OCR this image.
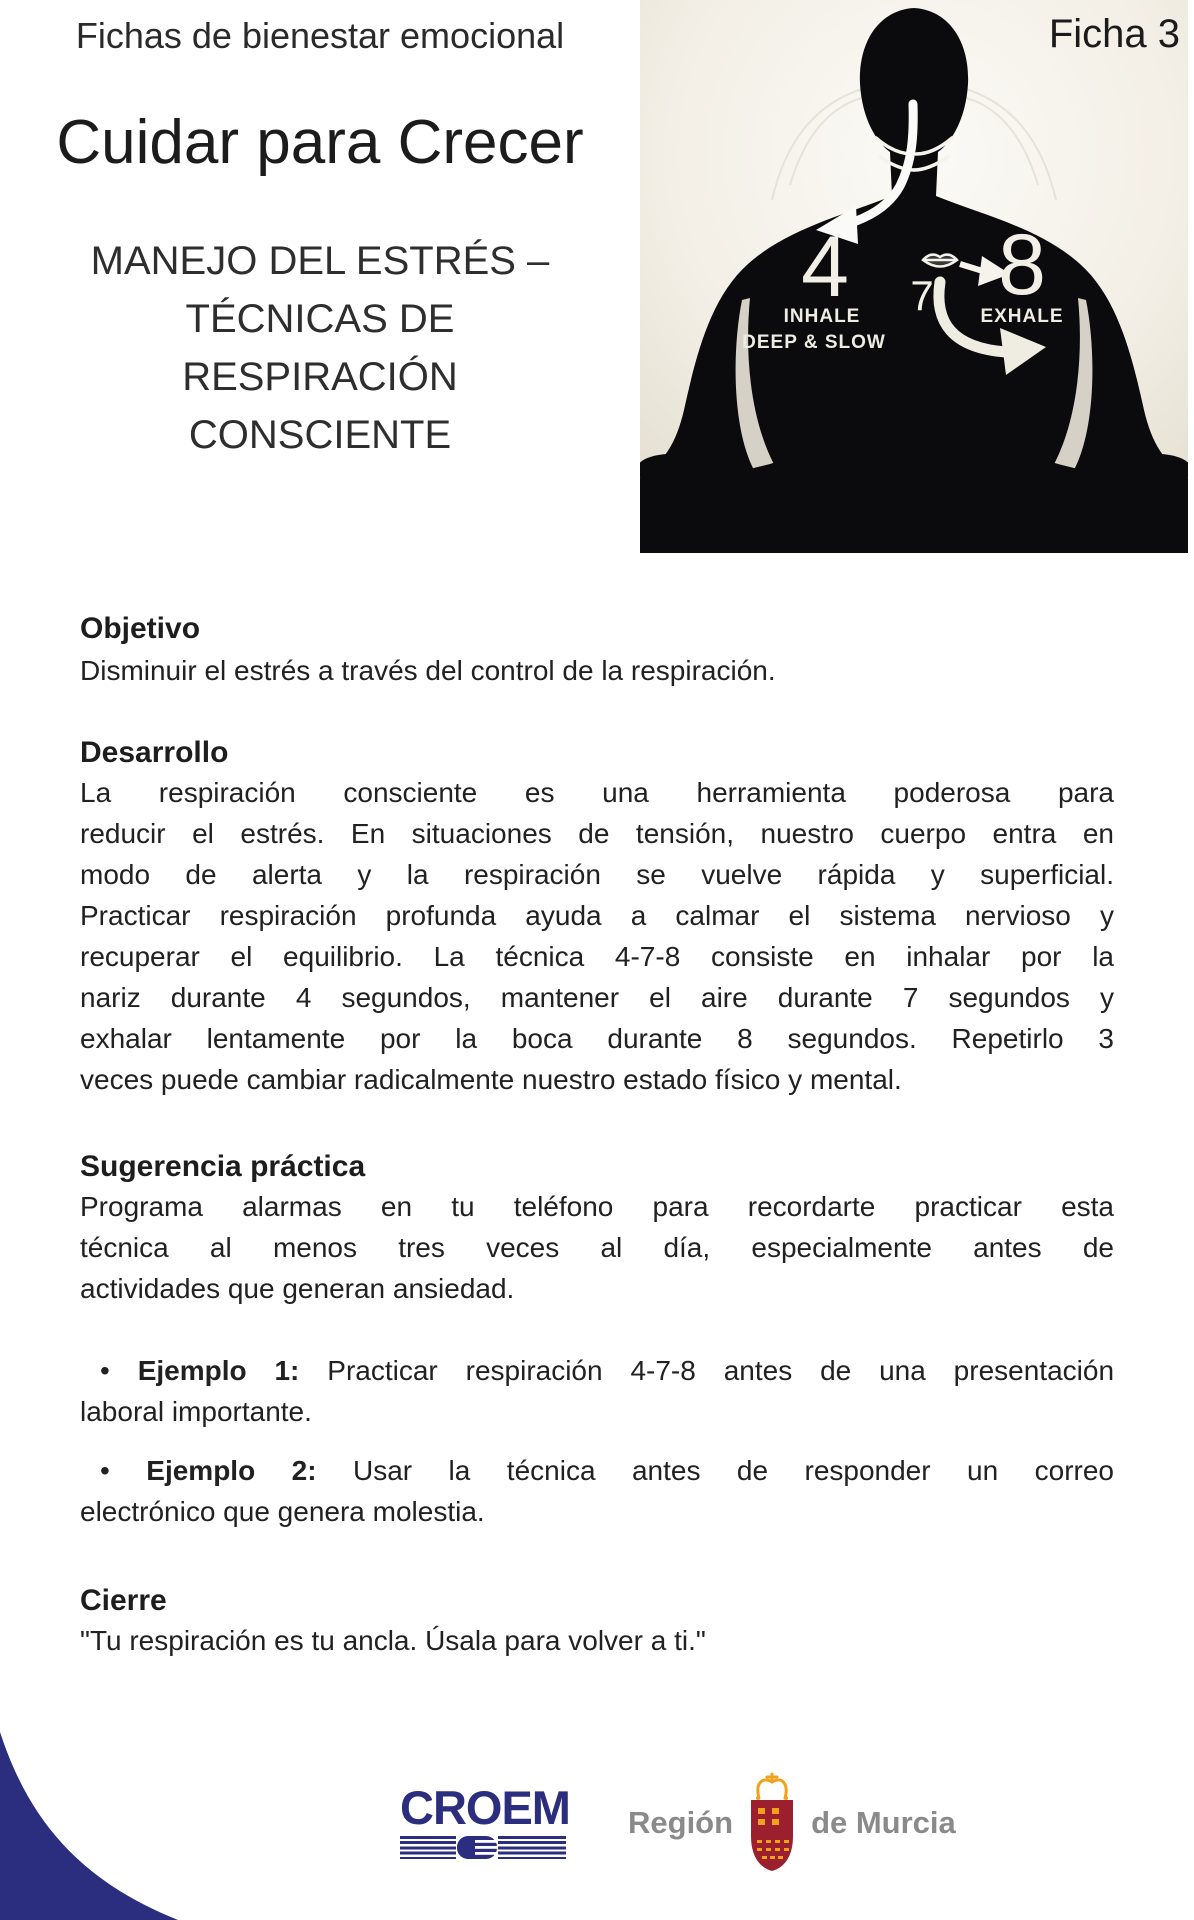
Fichas de bienestar emocional
Cuidar para Crecer
MANEJO DEL ESTRÉS –
TÉCNICAS DE
RESPIRACIÓN
CONSCIENTE
4
INHALE
DEEP & SLOW
7 8
EXHALE
Ficha 3
Objetivo
Disminuir el estrés a través del control de la respiración.
Desarrollo
La respiración consciente es una herramienta poderosa para
reducir el estrés. En situaciones de tensión, nuestro cuerpo entra en
modo de alerta y la respiración se vuelve rápida y superficial.
Practicar respiración profunda ayuda a calmar el sistema nervioso y
recuperar el equilibrio. La técnica 4-7-8 consiste en inhalar por la
nariz durante 4 segundos, mantener el aire durante 7 segundos y
exhalar lentamente por la boca durante 8 segundos. Repetirlo 3
veces puede cambiar radicalmente nuestro estado físico y mental.
Sugerencia práctica
Programa alarmas en tu teléfono para recordarte practicar esta
técnica al menos tres veces al día, especialmente antes de
actividades que generan ansiedad.
• Ejemplo 1: Practicar respiración 4-7-8 antes de una presentación
laboral importante.
• Ejemplo 2: Usar la técnica antes de responder un correo
electrónico que genera molestia.
Cierre
"Tu respiración es tu ancla. Úsala para volver a ti."
CROEM Región	de Murcia
